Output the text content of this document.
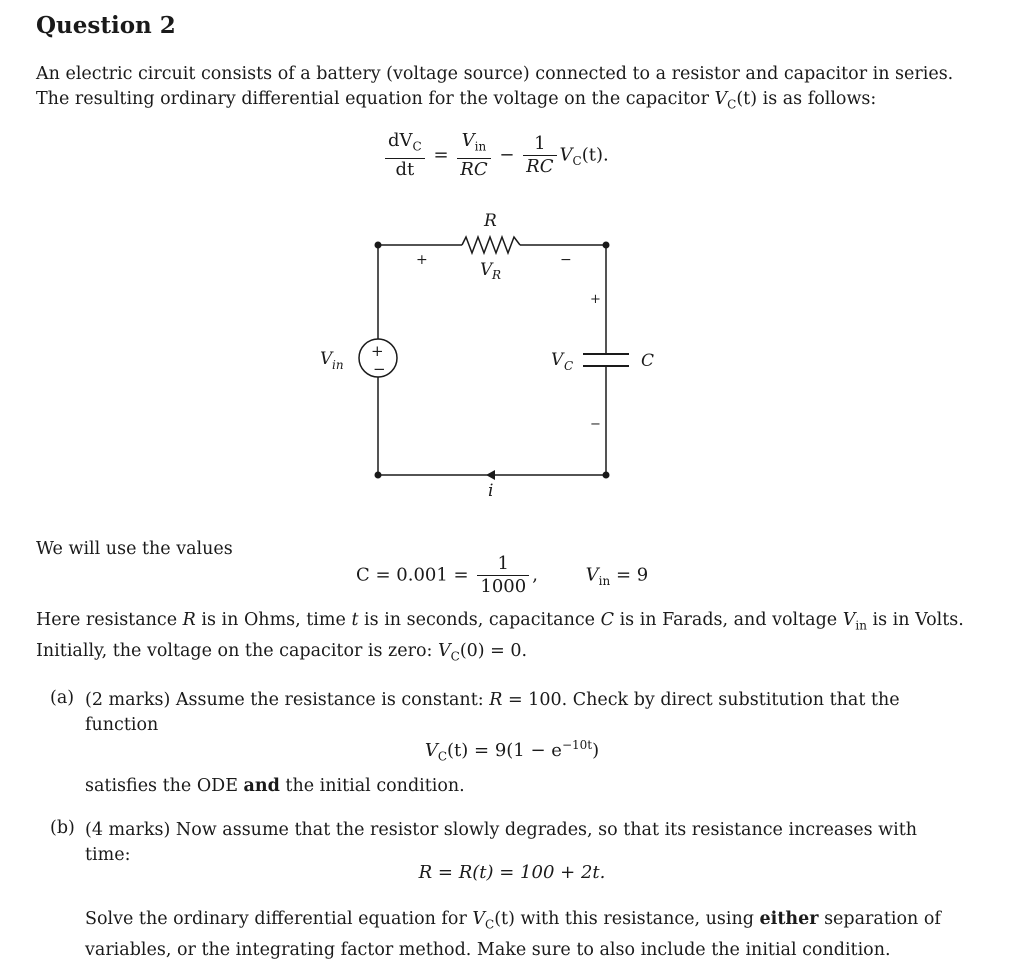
Question 2
An electric circuit consists of a battery (voltage source) connected to a resistor and capacitor in series. The resulting ordinary differential equation for the voltage on the capacitor $V_C(t)$ is as follows:
$\frac{dV_C}{dt} = \frac{V_{in}}{RC} - \frac{1}{RC} V_C(t)$.
R
V R
+	−
V in
+
−
+
−
V C	C
i
We will use the values
$C = 0.001 = \frac{1}{1000}$ ,	$V_{in} = 9$
Here resistance R is in Ohms, time t is in seconds, capacitance C is in Farads, and voltage $V_{in}$ is in Volts.
Initially, the voltage on the capacitor is zero: $V_C(0) = 0$.
(a) (2 marks) Assume the resistance is constant: R = 100. Check by direct substitution that the function
$V_C(t) = 9(1 - e^{-10t})$
satisfies the ODE and the initial condition.
(b) (4 marks) Now assume that the resistor slowly degrades, so that its resistance increases with time:
R = R(t) = 100 + 2t.
Solve the ordinary differential equation for $V_C(t)$ with this resistance, using either separation of variables, or the integrating factor method. Make sure to also include the initial condition.
